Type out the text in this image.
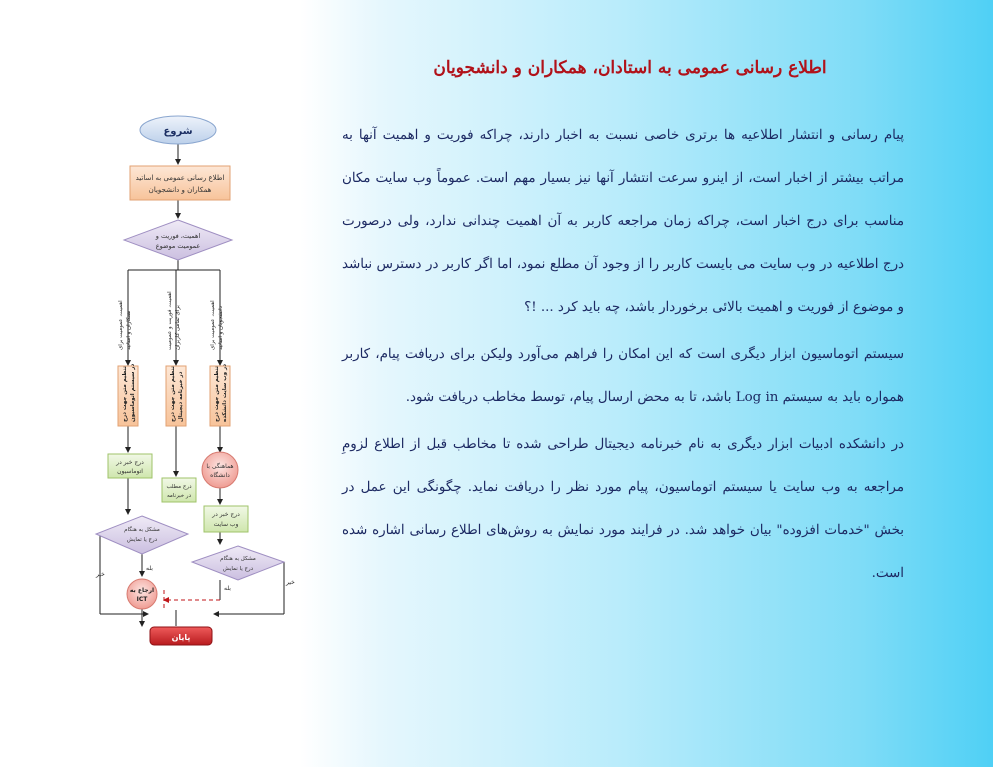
اطلاع رسانی عمومی به استادان، همکاران و دانشجویان

پیام رسانی و انتشار اطلاعیه ها برتری خاصی نسبت به اخبار دارند، چراکه فوریت و اهمیت آنها به مراتب بیشتر از اخبار است، از اینرو سرعت انتشار آنها نیز بسیار مهم است. عموماً وب سایت مکان مناسب برای درج اخبار است، چراکه زمان مراجعه کاربر به آن اهمیت چندانی ندارد، ولی درصورت درج اطلاعیه در وب سایت می بایست کاربر را از وجود آن مطلع نمود، اما اگر کاربر در دسترس نباشد و موضوع از فوریت و اهمیت بالائی برخوردار باشد، چه باید کرد ... !؟

سیستم اتوماسیون ابزار دیگری است که این امکان را فراهم می‌آورد ولیکن برای دریافت پیام، کاربر همواره باید به سیستم Log in باشد، تا به محض ارسال پیام، توسط مخاطب دریافت شود.

در دانشکده ادبیات ابزار دیگری به نام خبرنامه دیجیتال طراحی شده تا مخاطب قبل از اطلاع لزومِ مراجعه به وب سایت یا سیستم اتوماسیون، پیام مورد نظر را دریافت نماید. چگونگی این عمل در بخش "خدمات افزوده" بیان خواهد شد. در فرایند مورد نمایش به روش‌های اطلاع رسانی اشاره شده است.

شروع
اطلاع رسانی عمومی به اساتید
همکاران و دانشجویان
اهمیت، فوریت و
عمومیت موضوع
اهمیت، عمومیت برای همکاران و اساتید	اهمیت، فوریت و عمومیت برای تمامی کاربران	اهمیت، عمومیت برای دانشجویان و اساتید
تنظیم متن جهت درج در سیستم اتوماسیون	تنظیم متن جهت درج در خبرنامه دیجیتال	تنظیم متن جهت درج در وب سایت دانشکده
درج خبر در
اتوماسیون
هماهنگی با
دانشگاه
درج مطلب
در خبرنامه
درج خبر در
وب سایت
مشکل به هنگام
درج یا تمایش
مشکل به هنگام
درج یا نمایش
بله
خیر
بله
خیر
ارجاع به
ICT
پایان
